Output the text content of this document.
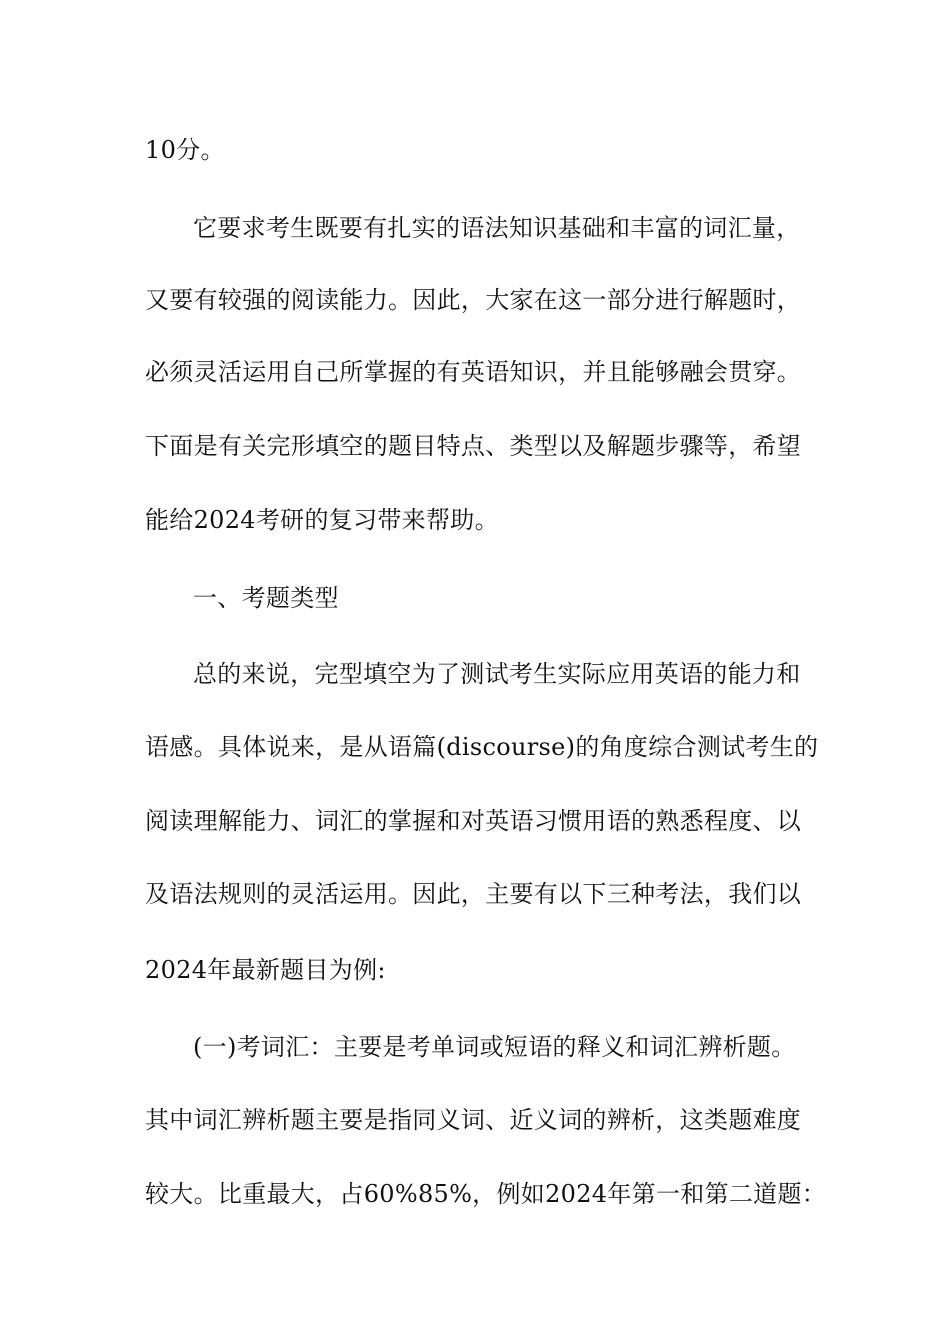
10分。
它要求考生既要有扎实的语法知识基础和丰富的词汇量，
又要有较强的阅读能力。因此，大家在这一部分进行解题时，
必须灵活运用自己所掌握的有英语知识，并且能够融会贯穿。
下面是有关完形填空的题目特点、类型以及解题步骤等，希望
能给2024考研的复习带来帮助。
一、考题类型
总的来说，完型填空为了测试考生实际应用英语的能力和
语感。具体说来，是从语篇(discourse)的角度综合测试考生的
阅读理解能力、词汇的掌握和对英语习惯用语的熟悉程度、以
及语法规则的灵活运用。因此，主要有以下三种考法，我们以
2024年最新题目为例:
(一)考词汇：主要是考单词或短语的释义和词汇辨析题。
其中词汇辨析题主要是指同义词、近义词的辨析，这类题难度
较大。比重最大，占60%85%，例如2024年第一和第二道题：
